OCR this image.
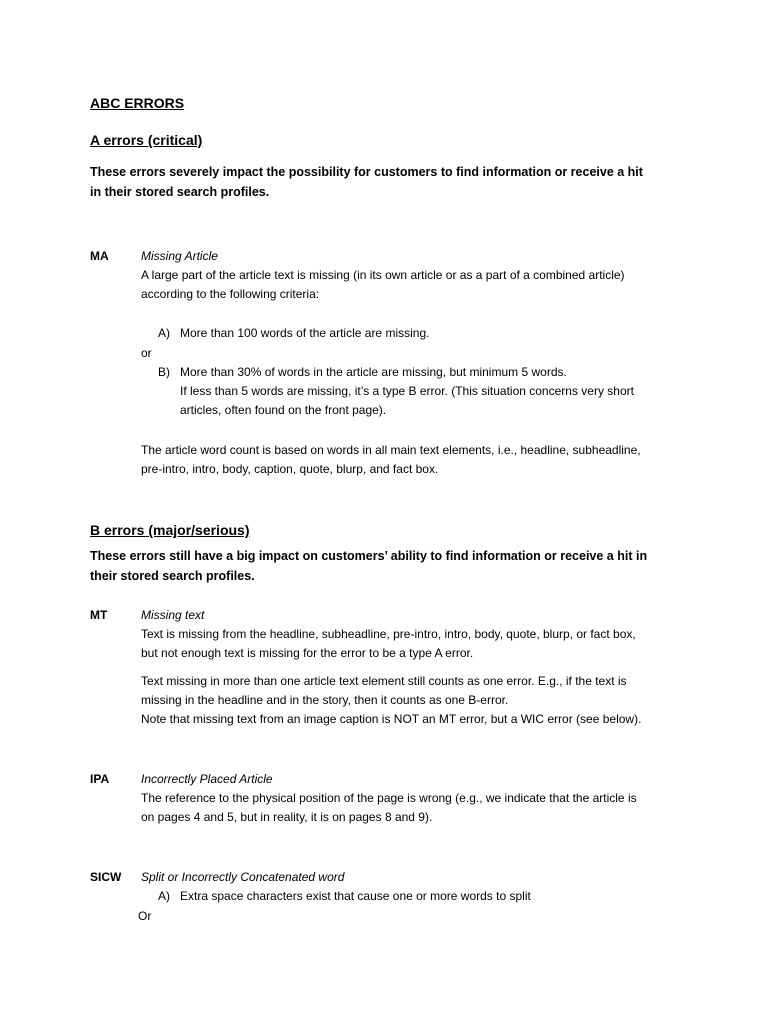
ABC ERRORS
A errors (critical)
These errors severely impact the possibility for customers to find information or receive a hit
in their stored search profiles.
MA	Missing Article
A large part of the article text is missing (in its own article or as a part of a combined article)
according to the following criteria:
A) More than 100 words of the article are missing.
or
B) More than 30% of words in the article are missing, but minimum 5 words.
If less than 5 words are missing, it’s a type B error. (This situation concerns very short
articles, often found on the front page).
The article word count is based on words in all main text elements, i.e., headline, subheadline,
pre-intro, intro, body, caption, quote, blurp, and fact box.
B errors (major/serious)
These errors still have a big impact on customers’ ability to find information or receive a hit in
their stored search profiles.
MT	Missing text
Text is missing from the headline, subheadline, pre-intro, intro, body, quote, blurp, or fact box,
but not enough text is missing for the error to be a type A error.
Text missing in more than one article text element still counts as one error. E.g., if the text is
missing in the headline and in the story, then it counts as one B-error.
Note that missing text from an image caption is NOT an MT error, but a WIC error (see below).
IPA	Incorrectly Placed Article
The reference to the physical position of the page is wrong (e.g., we indicate that the article is
on pages 4 and 5, but in reality, it is on pages 8 and 9).
SICW Split or Incorrectly Concatenated word
A) Extra space characters exist that cause one or more words to split
Or
